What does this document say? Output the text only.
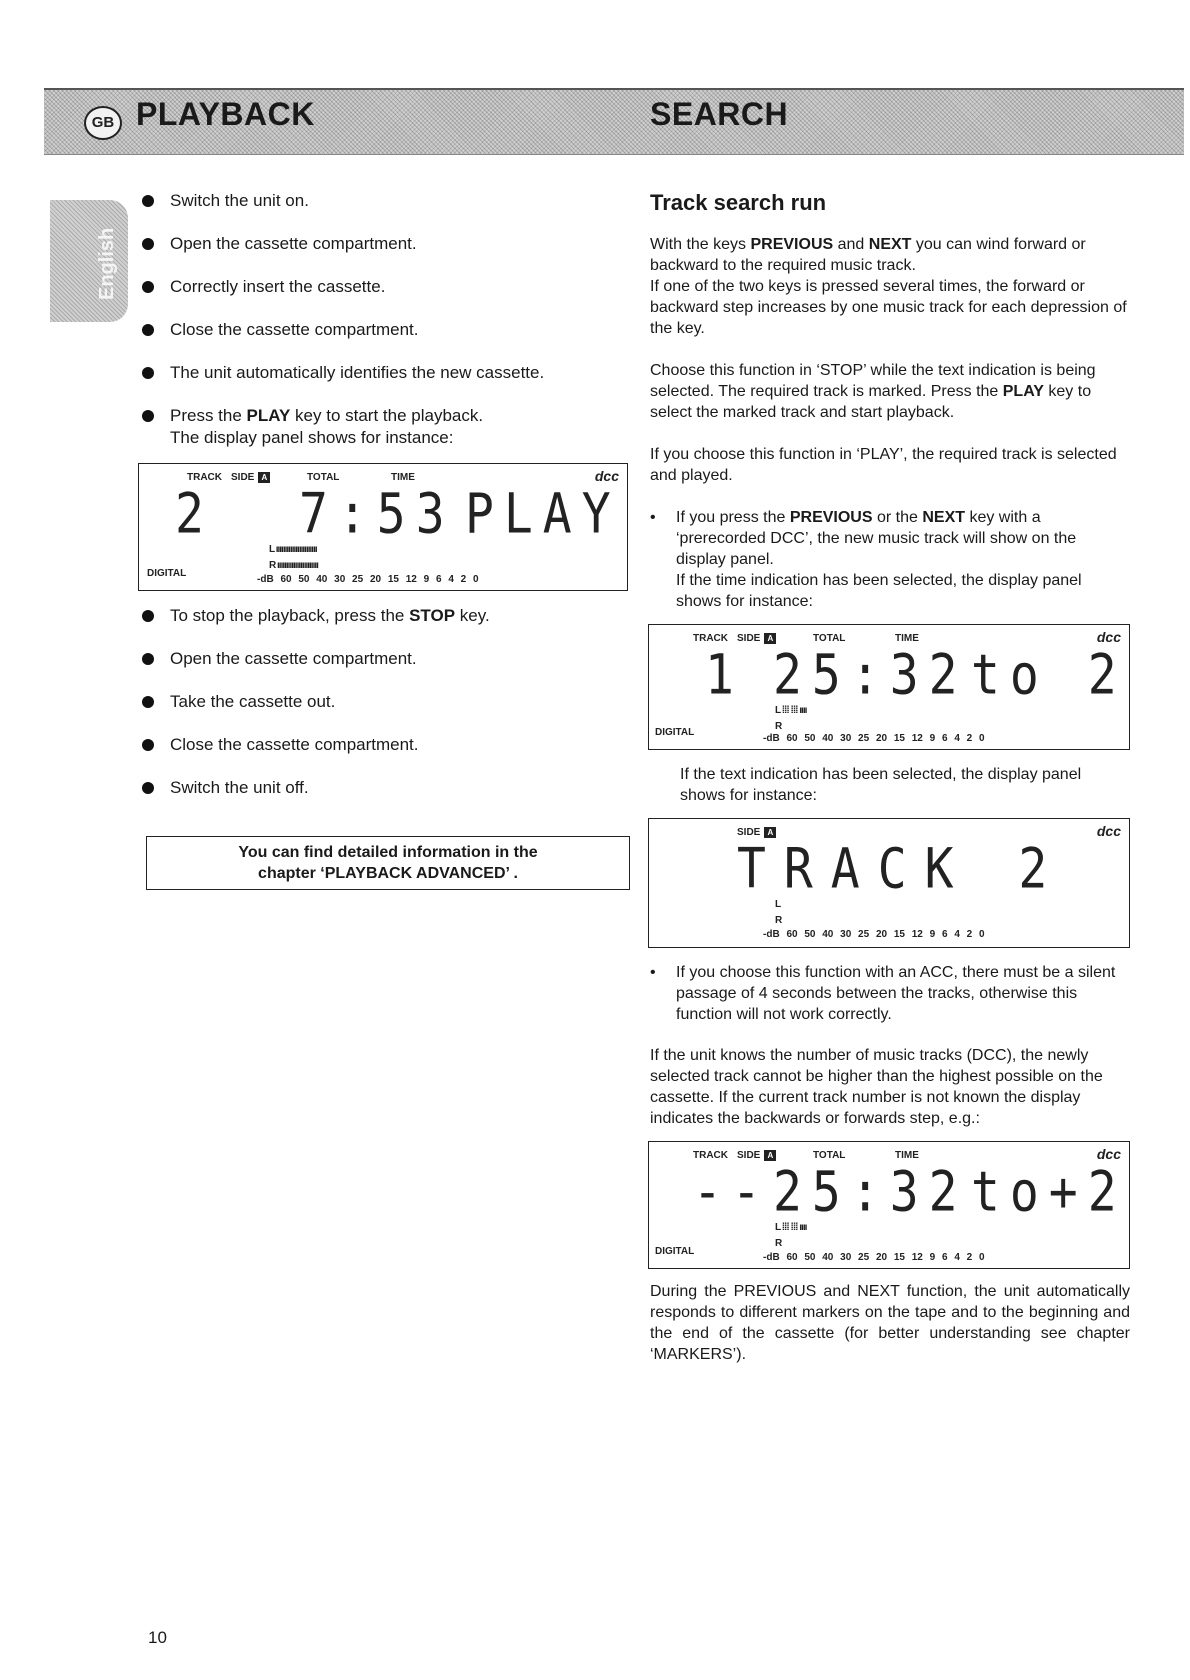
GB PLAYBACK	SEARCH
English
Switch the unit on.
Open the cassette compartment.
Correctly insert the cassette.
Close the cassette compartment.
The unit automatically identifies the new cassette.
Press the PLAY key to start the playback.
The display panel shows for instance:
TRACK SIDE A	TOTAL	TIME	dcc
2 7:53 PLAY
L ııııııııııııııııııııııı
R ııııııııııııııııııııııı
DIGITAL
-dB 60 50 40 30 25 20 15 12 9 6 4 2 0
To stop the playback, press the STOP key.
Open the cassette compartment.
Take the cassette out.
Close the cassette compartment.
Switch the unit off.
You can find detailed information in the
chapter ‘PLAYBACK ADVANCED’ .
Track search run

With the keys PREVIOUS and NEXT you can wind forward or backward to the required music track.
If one of the two keys is pressed several times, the forward or backward step increases by one music track for each depression of the key.

Choose this function in ‘STOP’ while the text indication is being selected. The required track is marked. Press the PLAY key to select the marked track and start playback.

If you choose this function in ‘PLAY’, the required track is selected and played.

• If you press the PREVIOUS or the NEXT key with a ‘prerecorded DCC’, the new music track will show on the display panel.
If the time indication has been selected, the display panel shows for instance:
TRACK SIDE A	TOTAL	TIME	dcc
1 25:32 to 2
L ⁞⁞⁞ ⁞⁞⁞ ıııı
R
DIGITAL
-dB 60 50 40 30 25 20 15 12 9 6 4 2 0
If the text indication has been selected, the display panel shows for instance:
SIDE A	dcc
TRACK 2
L
R
-dB 60 50 40 30 25 20 15 12 9 6 4 2 0
• If you choose this function with an ACC, there must be a silent passage of 4 seconds between the tracks, otherwise this function will not work correctly.

If the unit knows the number of music tracks (DCC), the newly selected track cannot be higher than the highest possible on the cassette. If the current track number is not known the display indicates the backwards or forwards step, e.g.:

TRACK SIDE A	TOTAL	TIME	dcc
-- 25:32 to+2
L ⁞⁞⁞ ⁞⁞⁞ ıııı
R
DIGITAL
-dB 60 50 40 30 25 20 15 12 9 6 4 2 0

During the PREVIOUS and NEXT function, the unit automatically responds to different markers on the tape and to the beginning and the end of the cassette (for better understanding see chapter ‘MARKERS’).

10
